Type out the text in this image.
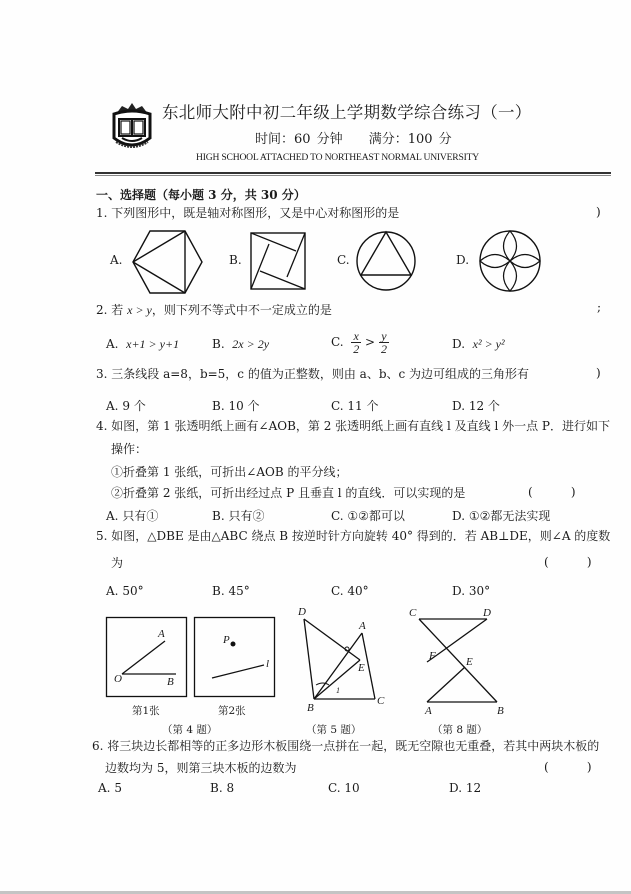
东北师大附中初二年级上学期数学综合练习（一）
时间：60 分钟 满分：100 分
HIGH SCHOOL ATTACHED TO NORTHEAST NORMAL UNIVERSITY
一、选择题（每小题 3 分，共 30 分）
1. 下列图形中，既是轴对称图形，又是中心对称图形的是	)
A.	B.	C.	D.
2. 若 x > y，则下列不等式中不一定成立的是	;
A. x+1 > y+1	B. 2x > 2y	C. $\frac{x}{2} > \frac{y}{2}$	D. x² > y²
3. 三条线段 a=8，b=5，c 的值为正整数，则由 a、b、c 为边可组成的三角形有	)
A. 9 个	B. 10 个	C. 11 个	D. 12 个
4. 如图，第 1 张透明纸上画有∠AOB，第 2 张透明纸上画有直线 l 及直线 l 外一点 P．进行如下
操作：
①折叠第 1 张纸，可折出∠AOB 的平分线；
②折叠第 2 张纸，可折出经过点 P 且垂直 l 的直线．可以实现的是	(          )
A. 只有①	B. 只有②	C. ①②都可以	D. ①②都无法实现
5. 如图，△DBE 是由△ABC 绕点 B 按逆时针方向旋转 40° 得到的．若 AB⊥DE，则∠A 的度数
为	(          )
A. 50°	B. 45°	C. 40°	D. 30°
A
O	B
第1张
P
l
第2张
（第 4 题）
D
A
E
B
C
1
（第 5 题）
C	D
F	E
A	B
（第 8 题）
6. 将三块边长都相等的正多边形木板围绕一点拼在一起，既无空隙也无重叠，若其中两块木板的
边数均为 5，则第三块木板的边数为	(          )
A. 5	B. 8	C. 10	D. 12
